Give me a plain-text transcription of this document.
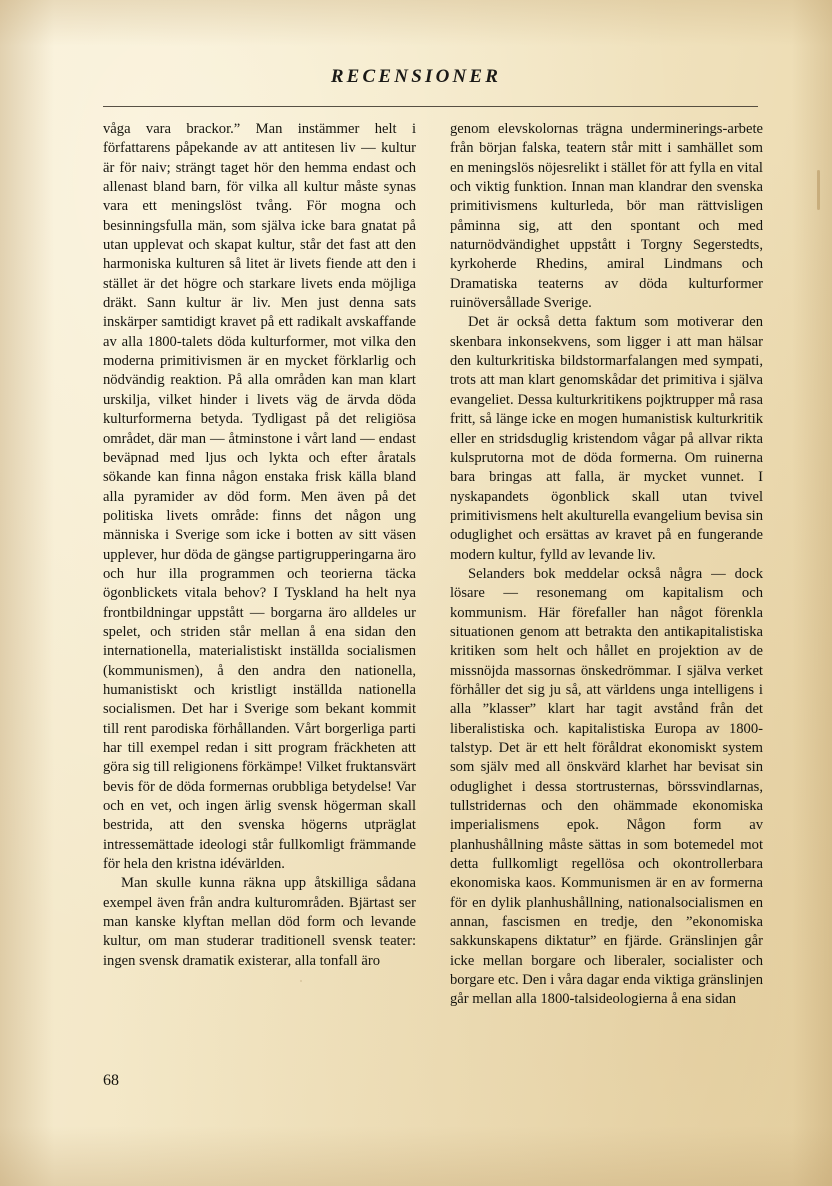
RECENSIONER

våga vara brackor.” Man instämmer helt i författarens påpekande av att antitesen liv — kultur är för naiv; strängt taget hör den hemma endast och allenast bland barn, för vilka all kultur måste synas vara ett meningslöst tvång. För mogna och besinningsfulla män, som själva icke bara gnatat på utan upplevat och skapat kultur, står det fast att den harmoniska kulturen så litet är livets fiende att den i stället är det högre och starkare livets enda möjliga dräkt. Sann kultur är liv. Men just denna sats inskärper samtidigt kravet på ett radikalt avskaffande av alla 1800-talets döda kulturformer, mot vilka den moderna primitivismen är en mycket förklarlig och nödvändig reaktion. På alla områden kan man klart urskilja, vilket hinder i livets väg de ärvda döda kulturformerna betyda. Tydligast på det religiösa området, där man — åtminstone i vårt land — endast beväpnad med ljus och lykta och efter åratals sökande kan finna någon enstaka frisk källa bland alla pyramider av död form. Men även på det politiska livets område: finns det någon ung människa i Sverige som icke i botten av sitt väsen upplever, hur döda de gängse partigrupperingarna äro och hur illa programmen och teorierna täcka ögonblickets vitala behov? I Tyskland ha helt nya frontbildningar uppstått — borgarna äro alldeles ur spelet, och striden står mellan å ena sidan den internationella, materialistiskt inställda socialismen (kommunismen), å den andra den nationella, humanistiskt och kristligt inställda nationella socialismen. Det har i Sverige som bekant kommit till rent parodiska förhållanden. Vårt borgerliga parti har till exempel redan i sitt program fräckheten att göra sig till religionens förkämpe! Vilket fruktansvärt bevis för de döda formernas orubbliga betydelse! Var och en vet, och ingen ärlig svensk högerman skall bestrida, att den svenska högerns utpräglat intressemättade ideologi står fullkomligt främmande för hela den kristna idévärlden.

Man skulle kunna räkna upp åtskilliga sådana exempel även från andra kulturområden. Bjärtast ser man kanske klyftan mellan död form och levande kultur, om man studerar traditionell svensk teater: ingen svensk dramatik existerar, alla tonfall äro

genom elevskolornas trägna underminerings-arbete från början falska, teatern står mitt i samhället som en meningslös nöjesrelikt i stället för att fylla en vital och viktig funktion. Innan man klandrar den svenska primitivismens kulturleda, bör man rättvisligen påminna sig, att den spontant och med naturnödvändighet uppstått i Torgny Segerstedts, kyrkoherde Rhedins, amiral Lindmans och Dramatiska teaterns av döda kulturformer ruinöversållade Sverige.

Det är också detta faktum som motiverar den skenbara inkonsekvens, som ligger i att man hälsar den kulturkritiska bildstormarfalangen med sympati, trots att man klart genomskådar det primitiva i själva evangeliet. Dessa kulturkritikens pojktrupper må rasa fritt, så länge icke en mogen humanistisk kulturkritik eller en stridsduglig kristendom vågar på allvar rikta kulsprutorna mot de döda formerna. Om ruinerna bara bringas att falla, är mycket vunnet. I nyskapandets ögonblick skall utan tvivel primitivismens helt akulturella evangelium bevisa sin oduglighet och ersättas av kravet på en fungerande modern kultur, fylld av levande liv.

Selanders bok meddelar också några — dock lösare — resonemang om kapitalism och kommunism. Här förefaller han något förenkla situationen genom att betrakta den antikapitalistiska kritiken som helt och hållet en projektion av de missnöjda massornas önskedrömmar. I själva verket förhåller det sig ju så, att världens unga intelligens i alla ”klasser” klart har tagit avstånd från det liberalistiska och. kapitalistiska Europa av 1800-talstyp. Det är ett helt föråldrat ekonomiskt system som själv med all önskvärd klarhet har bevisat sin oduglighet i dessa stortrusternas, börssvindlarnas, tullstridernas och den ohämmade ekonomiska imperialismens epok. Någon form av planhushållning måste sättas in som botemedel mot detta fullkomligt regellösa och okontrollerbara ekonomiska kaos. Kommunismen är en av formerna för en dylik planhushållning, nationalsocialismen en annan, fascismen en tredje, den ”ekonomiska sakkunskapens diktatur” en fjärde. Gränslinjen går icke mellan borgare och liberaler, socialister och borgare etc. Den i våra dagar enda viktiga gränslinjen går mellan alla 1800-talsideologierna å ena sidan

68
